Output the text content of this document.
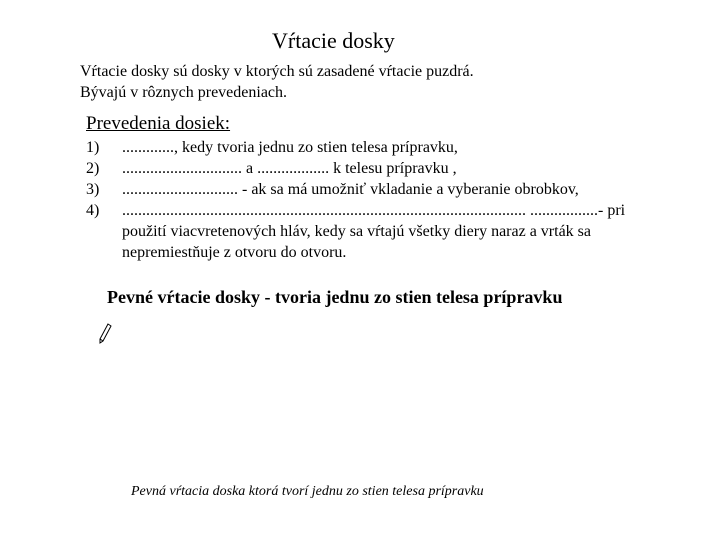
Vŕtacie dosky
Vŕtacie dosky sú dosky v ktorých sú zasadené vŕtacie puzdrá.
Bývajú v rôznych prevedeniach.
Prevedenia dosiek:
1)	............., kedy tvoria jednu zo stien telesa prípravku,
2)	.............................. a .................. k telesu prípravku ,
3)	............................. - ak sa má umožniť vkladanie a vyberanie obrobkov,
4)	..................................................................................................... .................- pri použití viacvretenových hláv, kedy sa vŕtajú všetky diery naraz a vrták sa nepremiestňuje z otvoru do otvoru.
Pevné vŕtacie dosky - tvoria jednu zo stien telesa prípravku
Pevná vŕtacia doska ktorá tvorí jednu zo stien telesa prípravku
